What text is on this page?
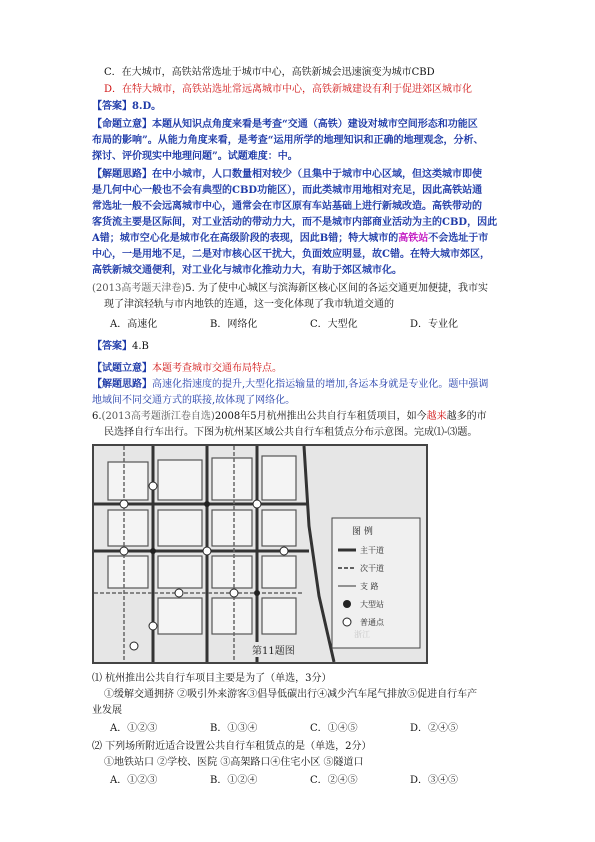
C．在大城市，高铁站常选址于城市中心，高铁新城会迅速演变为城市CBD
D．在特大城市，高铁站选址常远离城市中心，高铁新城建设有利于促进郊区城市化
【答案】8.D。
【命题立意】本题从知识点角度来看是考查“交通（高铁）建设对城市空间形态和功能区
布局的影响”。从能力角度来看，是考查“运用所学的地理知识和正确的地理观念，分析、
探讨、评价现实中地理问题”。试题难度：中。
【解题思路】在中小城市，人口数量相对较少（且集中于城市中心区域，但这类城市即使
是几何中心一般也不会有典型的CBD功能区），而此类城市用地相对充足，因此高铁站通
常选址一般不会远离城市中心，通常会在市区原有车站基础上进行新城改造。高铁带动的
客货流主要是区际间，对工业活动的带动力大，而不是城市内部商业活动为主的CBD，因此
A错；城市空心化是城市化在高级阶段的表现，因此B错；特大城市的高铁站不会选址于市
中心，一是用地不足，二是对市核心区干扰大，负面效应明显，故C错。在特大城市郊区，
高铁新城交通便利，对工业化与城市化推动力大，有助于郊区城市化。
(2013高考题天津卷)5. 为了使中心城区与滨海新区核心区间的各运交通更加便捷，我市实
现了津滨轻轨与市内地铁的连通，这一变化体现了我市轨道交通的
A．高速化	B．网络化	C．大型化	D．专业化
【答案】4.B
【试题立意】本题考查城市交通布局特点。
【解题思路】高速化指速度的提升,大型化指运输量的增加,各运本身就是专业化。题中强调
地域间不同交通方式的联接,故体现了网络化。
6.(2013高考题浙江卷自选)2008年5月杭州推出公共自行车租赁项目，如今越来越多的市
民选择自行车出行。下图为杭州某区域公共自行车租赁点分布示意图。完成⑴-⑶题。
浙江
图 例
主干道
次干道
支 路
大型站
普通点
第11题图
⑴ 杭州推出公共自行车项目主要是为了（单选，3分）
①缓解交通拥挤 ②吸引外来游客③倡导低碳出行④减少汽车尾气排放⑤促进自行车产
业发展
A．①②③	B．①③④	C．①④⑤	D．②④⑤
⑵ 下列场所附近适合设置公共自行车租赁点的是（单选，2分）
①地铁站口 ②学校、医院 ③高架路口④住宅小区 ⑤隧道口
A．①②③	B．①②④	C．②④⑤	D．③④⑤
